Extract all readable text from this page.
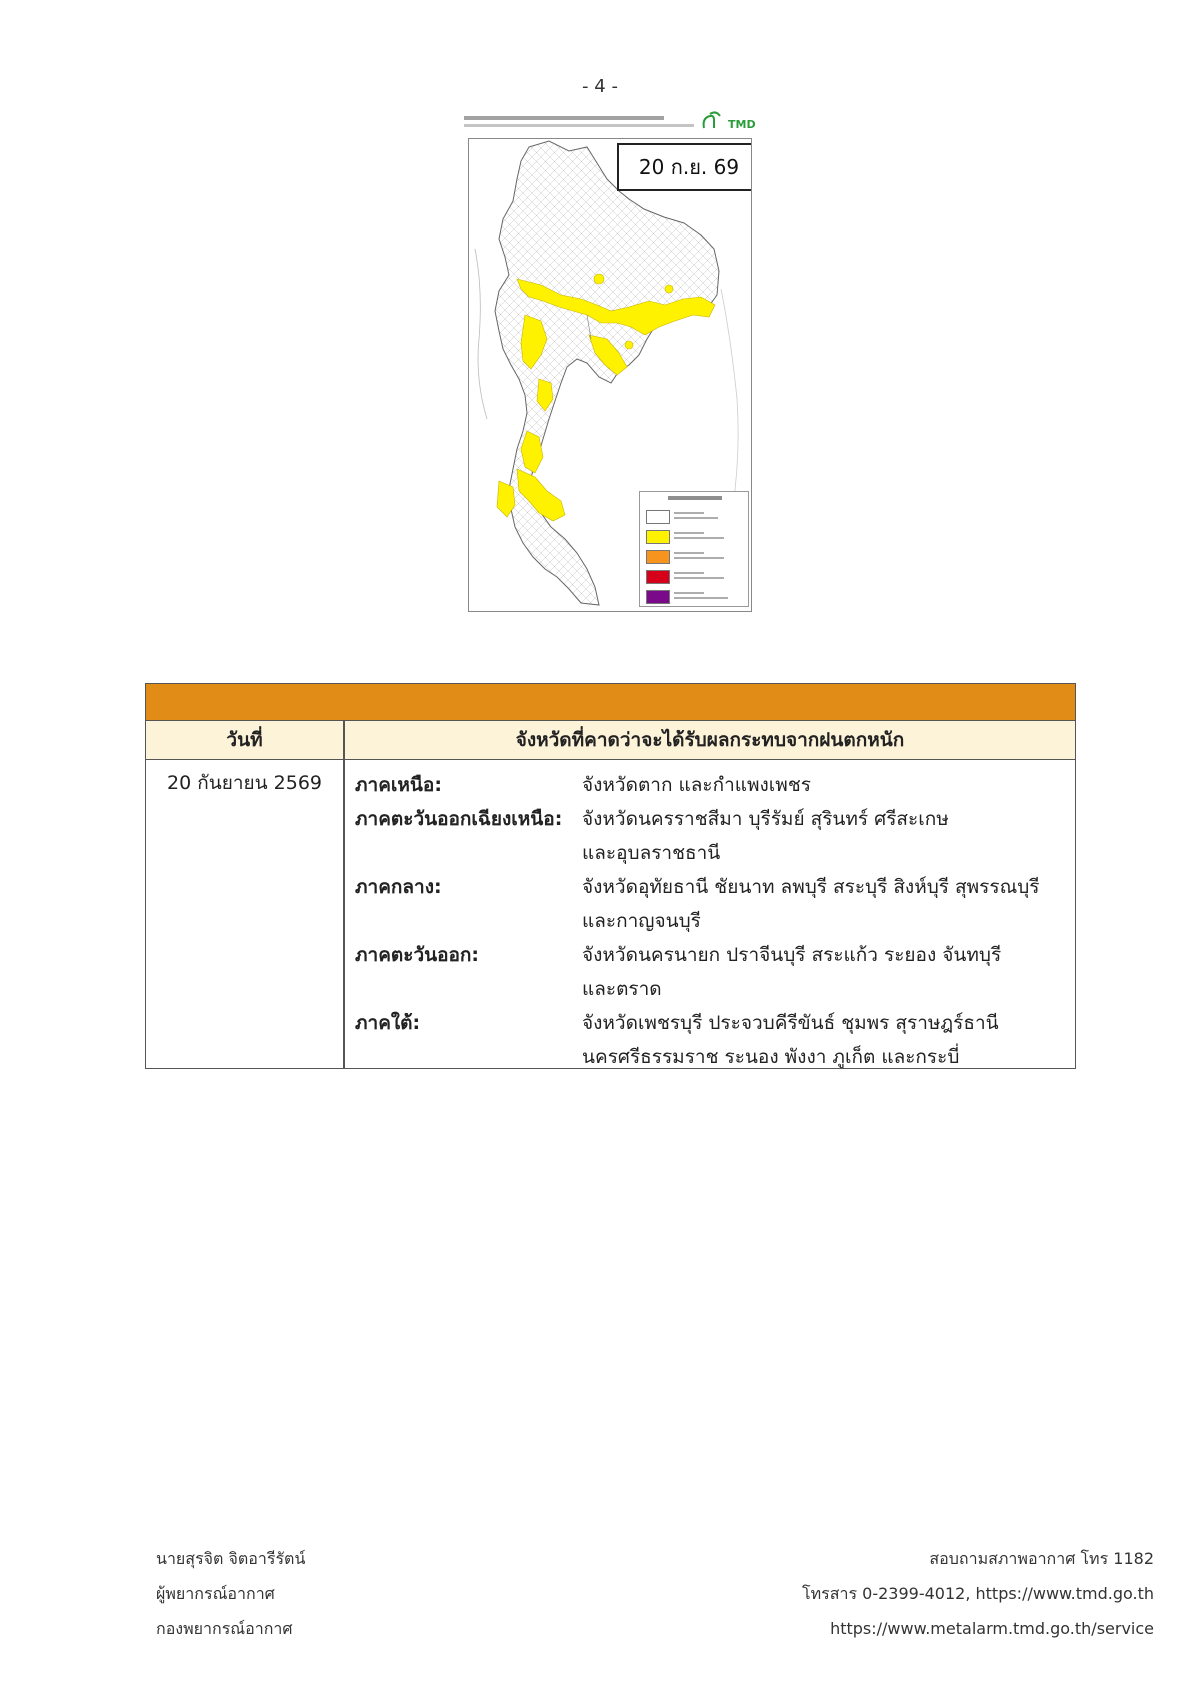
- 4 -
TMD
20 ก.ย. 69
วันที่	จังหวัดที่คาดว่าจะได้รับผลกระทบจากฝนตกหนัก
20 กันยายน 2569	ภาคเหนือ:	จังหวัดตาก และกำแพงเพชร
ภาคตะวันออกเฉียงเหนือ:	จังหวัดนครราชสีมา บุรีรัมย์ สุรินทร์ ศรีสะเกษ
และอุบลราชธานี
ภาคกลาง:	จังหวัดอุทัยธานี ชัยนาท ลพบุรี สระบุรี สิงห์บุรี สุพรรณบุรี
และกาญจนบุรี
ภาคตะวันออก:	จังหวัดนครนายก ปราจีนบุรี สระแก้ว ระยอง จันทบุรี
และตราด
ภาคใต้:	จังหวัดเพชรบุรี ประจวบคีรีขันธ์ ชุมพร สุราษฎร์ธานี
นครศรีธรรมราช ระนอง พังงา ภูเก็ต และกระบี่
นายสุรจิต จิตอารีรัตน์
ผู้พยากรณ์อากาศ
กองพยากรณ์อากาศ
สอบถามสภาพอากาศ โทร 1182
โทรสาร 0-2399-4012, https://www.tmd.go.th
https://www.metalarm.tmd.go.th/service
